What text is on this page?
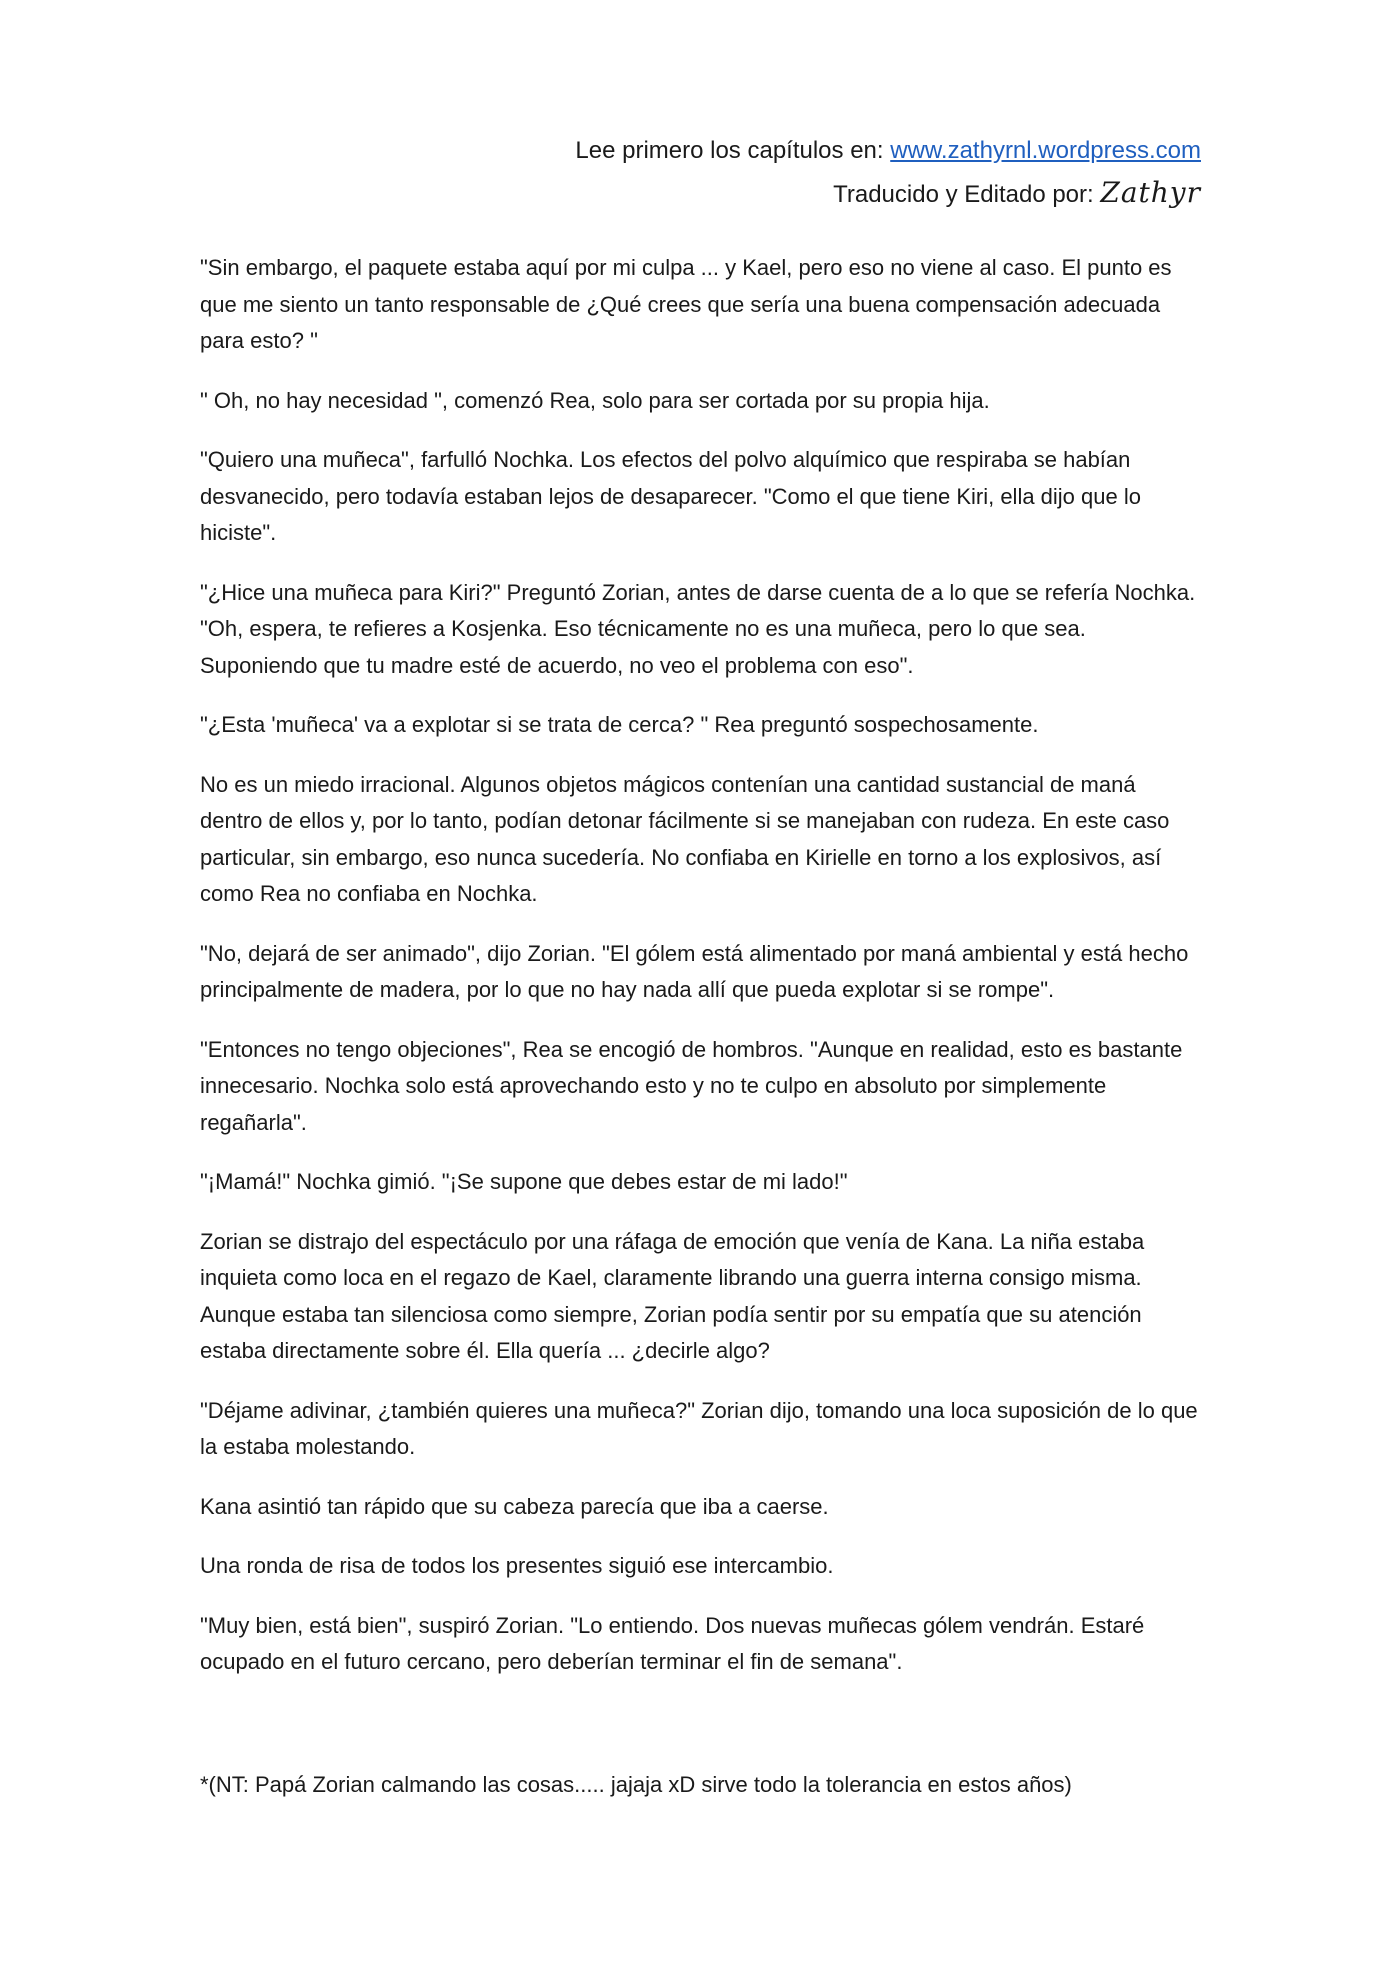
Lee primero los capítulos en: www.zathyrnl.wordpress.com
Traducido y Editado por: Zathyr

"Sin embargo, el paquete estaba aquí por mi culpa ... y Kael, pero eso no viene al caso. El punto es que me siento un tanto responsable de ¿Qué crees que sería una buena compensación adecuada para esto? "

" Oh, no hay necesidad ", comenzó Rea, solo para ser cortada por su propia hija.

"Quiero una muñeca", farfulló Nochka. Los efectos del polvo alquímico que respiraba se habían desvanecido, pero todavía estaban lejos de desaparecer. "Como el que tiene Kiri, ella dijo que lo hiciste".

"¿Hice una muñeca para Kiri?" Preguntó Zorian, antes de darse cuenta de a lo que se refería Nochka. "Oh, espera, te refieres a Kosjenka. Eso técnicamente no es una muñeca, pero lo que sea. Suponiendo que tu madre esté de acuerdo, no veo el problema con eso".

"¿Esta 'muñeca' va a explotar si se trata de cerca? " Rea preguntó sospechosamente.

No es un miedo irracional. Algunos objetos mágicos contenían una cantidad sustancial de maná dentro de ellos y, por lo tanto, podían detonar fácilmente si se manejaban con rudeza. En este caso particular, sin embargo, eso nunca sucedería. No confiaba en Kirielle en torno a los explosivos, así como Rea no confiaba en Nochka.

"No, dejará de ser animado", dijo Zorian. "El gólem está alimentado por maná ambiental y está hecho principalmente de madera, por lo que no hay nada allí que pueda explotar si se rompe".

"Entonces no tengo objeciones", Rea se encogió de hombros. "Aunque en realidad, esto es bastante innecesario. Nochka solo está aprovechando esto y no te culpo en absoluto por simplemente regañarla".

"¡Mamá!" Nochka gimió. "¡Se supone que debes estar de mi lado!"

Zorian se distrajo del espectáculo por una ráfaga de emoción que venía de Kana. La niña estaba inquieta como loca en el regazo de Kael, claramente librando una guerra interna consigo misma. Aunque estaba tan silenciosa como siempre, Zorian podía sentir por su empatía que su atención estaba directamente sobre él. Ella quería ... ¿decirle algo?

"Déjame adivinar, ¿también quieres una muñeca?" Zorian dijo, tomando una loca suposición de lo que la estaba molestando.

Kana asintió tan rápido que su cabeza parecía que iba a caerse.

Una ronda de risa de todos los presentes siguió ese intercambio.

"Muy bien, está bien", suspiró Zorian. "Lo entiendo. Dos nuevas muñecas gólem vendrán. Estaré ocupado en el futuro cercano, pero deberían terminar el fin de semana".

*(NT: Papá Zorian calmando las cosas..... jajaja xD sirve todo la tolerancia en estos años)
